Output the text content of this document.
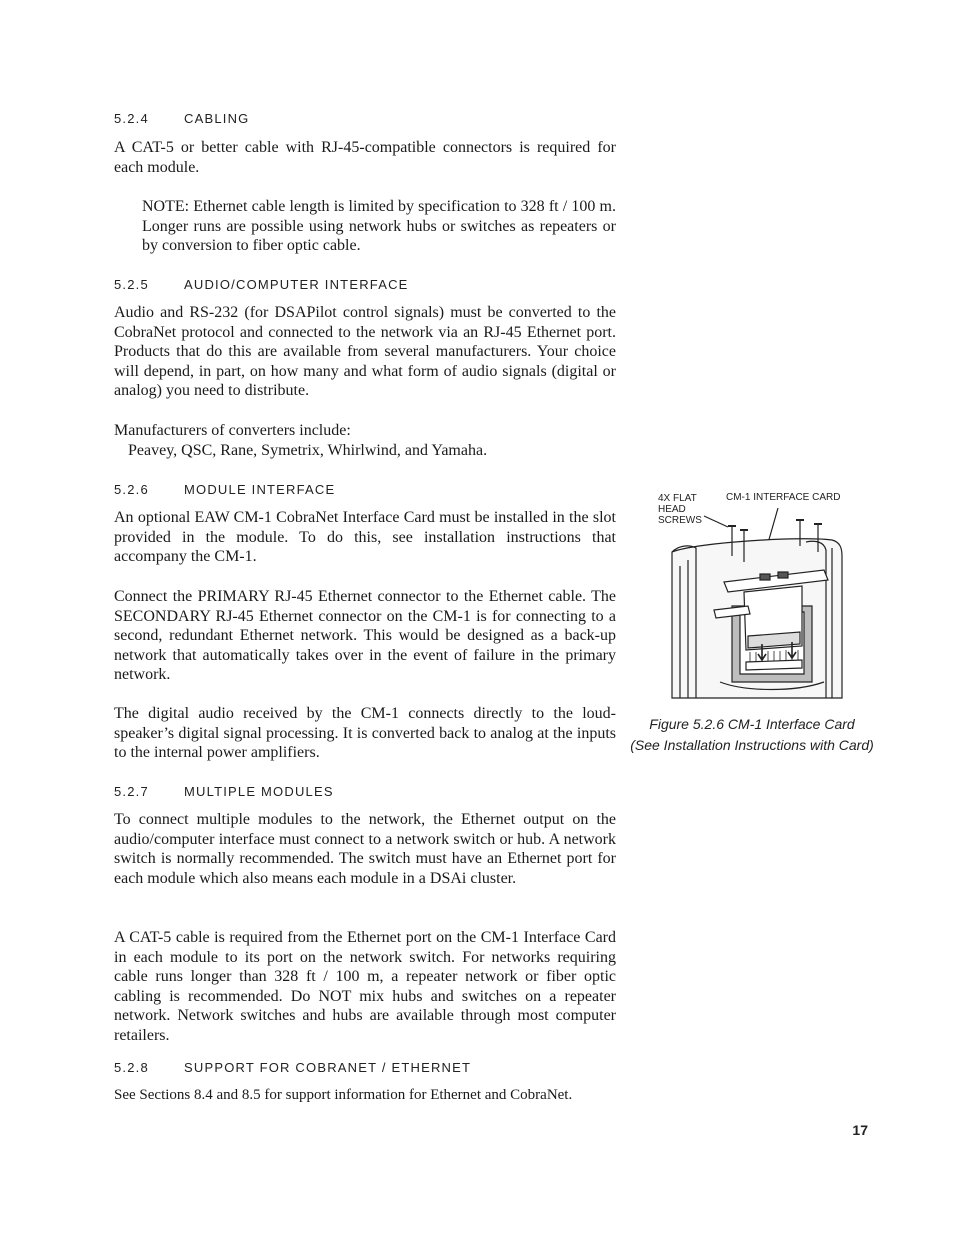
5.2.4	CABLING

A CAT-5 or better cable with RJ-45-compatible connectors is required for each module.

NOTE: Ethernet cable length is limited by specification to 328 ft / 100 m. Longer runs are possible using network hubs or switches as repeaters or by conversion to fiber optic cable.

5.2.5	AUDIO/COMPUTER INTERFACE

Audio and RS-232 (for DSAPilot control signals) must be converted to the CobraNet protocol and connected to the network via an RJ-45 Ethernet port. Products that do this are available from several manufacturers. Your choice will depend, in part, on how many and what form of audio signals (digital or analog) you need to distribute.

Manufacturers of converters include:

Peavey, QSC, Rane, Symetrix, Whirlwind, and Yamaha.

5.2.6	MODULE INTERFACE

An optional EAW CM-1 CobraNet Interface Card must be installed in the slot provided in the module. To do this, see installation instructions that accompany the CM-1.

Connect the PRIMARY RJ-45 Ethernet connector to the Ethernet cable. The SECONDARY RJ-45 Ethernet connector on the CM-1 is for connecting to a second, redundant Ethernet network. This would be designed as a back-up network that automatically takes over in the event of failure in the primary network.

The digital audio received by the CM-1 connects directly to the loud-speaker’s digital signal processing. It is converted back to analog at the inputs to the internal power amplifiers.

5.2.7	MULTIPLE MODULES

To connect multiple modules to the network, the Ethernet output on the audio/computer interface must connect to a network switch or hub. A network switch is normally recommended. The switch must have an Ethernet port for each module which also means each module in a DSAi cluster.

A CAT-5 cable is required from the Ethernet port on the CM-1 Interface Card in each module to its port on the network switch. For networks requiring cable runs longer than 328 ft / 100 m, a repeater network or fiber optic cabling is recommended. Do NOT mix hubs and switches on a repeater network. Network switches and hubs are available through most computer retailers.

5.2.8	SUPPORT FOR COBRANET / ETHERNET

See Sections 8.4 and 8.5 for support information for Ethernet and CobraNet.

4X FLAT
HEAD
SCREWS
CM-1 INTERFACE CARD
Figure 5.2.6 CM-1 Interface Card
(See Installation Instructions with Card)
17
